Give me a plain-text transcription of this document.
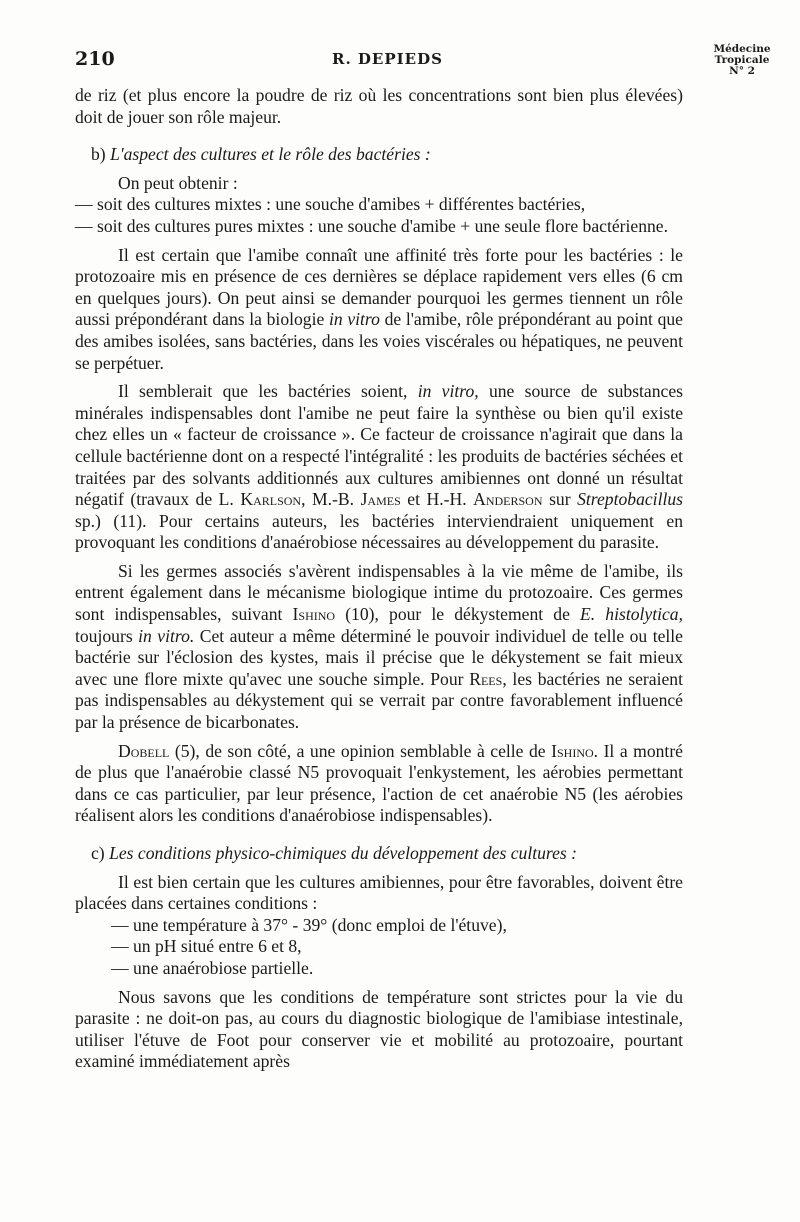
210	R. DEPIEDS
Médecine
Tropicale
N° 2

de riz (et plus encore la poudre de riz où les concentrations sont bien plus élevées) doit de jouer son rôle majeur.

b) L'aspect des cultures et le rôle des bactéries :

On peut obtenir :

— soit des cultures mixtes : une souche d'amibes + différentes bactéries,

— soit des cultures pures mixtes : une souche d'amibe + une seule flore bactérienne.

Il est certain que l'amibe connaît une affinité très forte pour les bactéries : le protozoaire mis en présence de ces dernières se déplace rapidement vers elles (6 cm en quelques jours). On peut ainsi se demander pourquoi les germes tiennent un rôle aussi prépondérant dans la biologie in vitro de l'amibe, rôle prépondérant au point que des amibes isolées, sans bactéries, dans les voies viscérales ou hépatiques, ne peuvent se perpétuer.

Il semblerait que les bactéries soient, in vitro, une source de substances minérales indispensables dont l'amibe ne peut faire la synthèse ou bien qu'il existe chez elles un « facteur de croissance ». Ce facteur de croissance n'agirait que dans la cellule bactérienne dont on a respecté l'intégralité : les produits de bactéries séchées et traitées par des solvants additionnés aux cultures amibiennes ont donné un résultat négatif (travaux de L. Karlson, M.-B. James et H.-H. Anderson sur Streptobacillus sp.) (11). Pour certains auteurs, les bactéries interviendraient uniquement en provoquant les conditions d'anaérobiose nécessaires au développement du parasite.

Si les germes associés s'avèrent indispensables à la vie même de l'amibe, ils entrent également dans le mécanisme biologique intime du protozoaire. Ces germes sont indispensables, suivant Ishino (10), pour le dékystement de E. histolytica, toujours in vitro. Cet auteur a même déterminé le pouvoir individuel de telle ou telle bactérie sur l'éclosion des kystes, mais il précise que le dékystement se fait mieux avec une flore mixte qu'avec une souche simple. Pour Rees, les bactéries ne seraient pas indispensables au dékystement qui se verrait par contre favorablement influencé par la présence de bicarbonates.

Dobell (5), de son côté, a une opinion semblable à celle de Ishino. Il a montré de plus que l'anaérobie classé N5 provoquait l'enkystement, les aérobies permettant dans ce cas particulier, par leur présence, l'action de cet anaérobie N5 (les aérobies réalisent alors les conditions d'anaérobiose indispensables).

c) Les conditions physico-chimiques du développement des cultures :

Il est bien certain que les cultures amibiennes, pour être favorables, doivent être placées dans certaines conditions :

— une température à 37° - 39° (donc emploi de l'étuve),

— un pH situé entre 6 et 8,

— une anaérobiose partielle.

Nous savons que les conditions de température sont strictes pour la vie du parasite : ne doit-on pas, au cours du diagnostic biologique de l'amibiase intestinale, utiliser l'étuve de Foot pour conserver vie et mobilité au protozoaire, pourtant examiné immédiatement après
